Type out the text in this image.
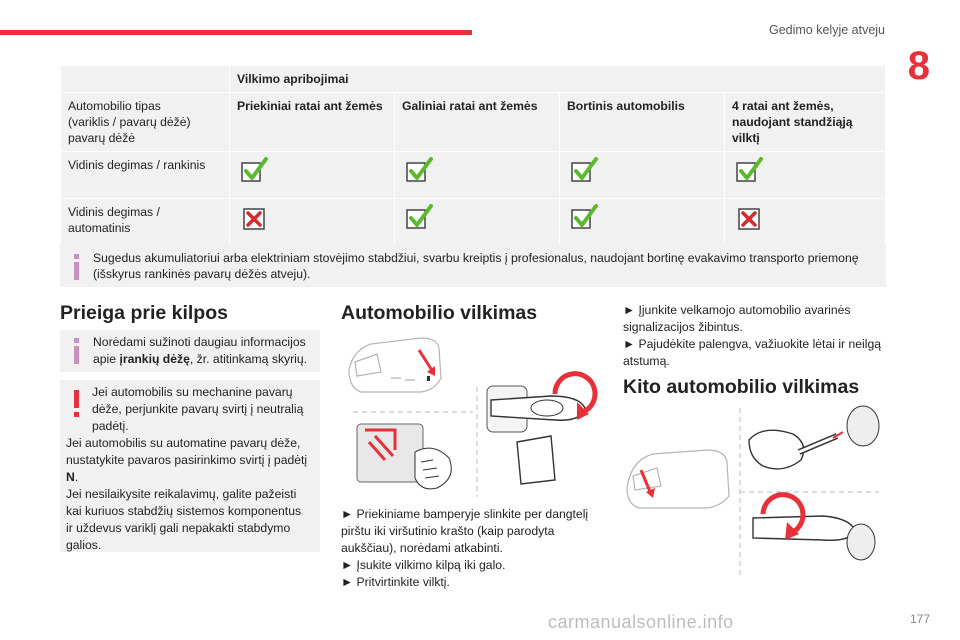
Gedimo kelyje atveju
8
	Vilkimo apribojimai			

Automobilio tipas
(variklis / pavarų dėžė)
pavarų dėžė	Priekiniai ratai ant žemės	Galiniai ratai ant žemės	Bortinis automobilis	4 ratai ant žemės, naudojant standžiąją vilktį
Vidinis degimas / rankinis				
Vidinis degimas / automatinis				
Sugedus akumuliatoriui arba elektriniam stovėjimo stabdžiui, svarbu kreiptis į profesionalus, naudojant bortinę evakavimo transporto priemonę (išskyrus rankinės pavarų dėžės atveju).
Prieiga prie kilpos
Norėdami sužinoti daugiau informacijos apie įrankių dėžę, žr. atitinkamą skyrių.
Jei automobilis su mechanine pavarų dėže, perjunkite pavarų svirtį į neutralią padėtį.
Jei automobilis su automatine pavarų dėže, nustatykite pavaros pasirinkimo svirtį į padėtį
N.
Jei nesilaikysite reikalavimų, galite pažeisti kai kuriuos stabdžių sistemos komponentus ir uždevus variklį gali nepakakti stabdymo galios.
Automobilio vilkimas
► Priekiniame bamperyje slinkite per dangtelį pirštu iki viršutinio krašto (kaip parodyta aukščiau), norėdami atkabinti.
► Įsukite vilkimo kilpą iki galo.
► Pritvirtinkite vilktį.
► Įjunkite velkamojo automobilio avarinės signalizacijos žibintus.
► Pajudėkite palengva, važiuokite lėtai ir neilgą atstumą.
Kito automobilio vilkimas
carmanualsonline.info	177
